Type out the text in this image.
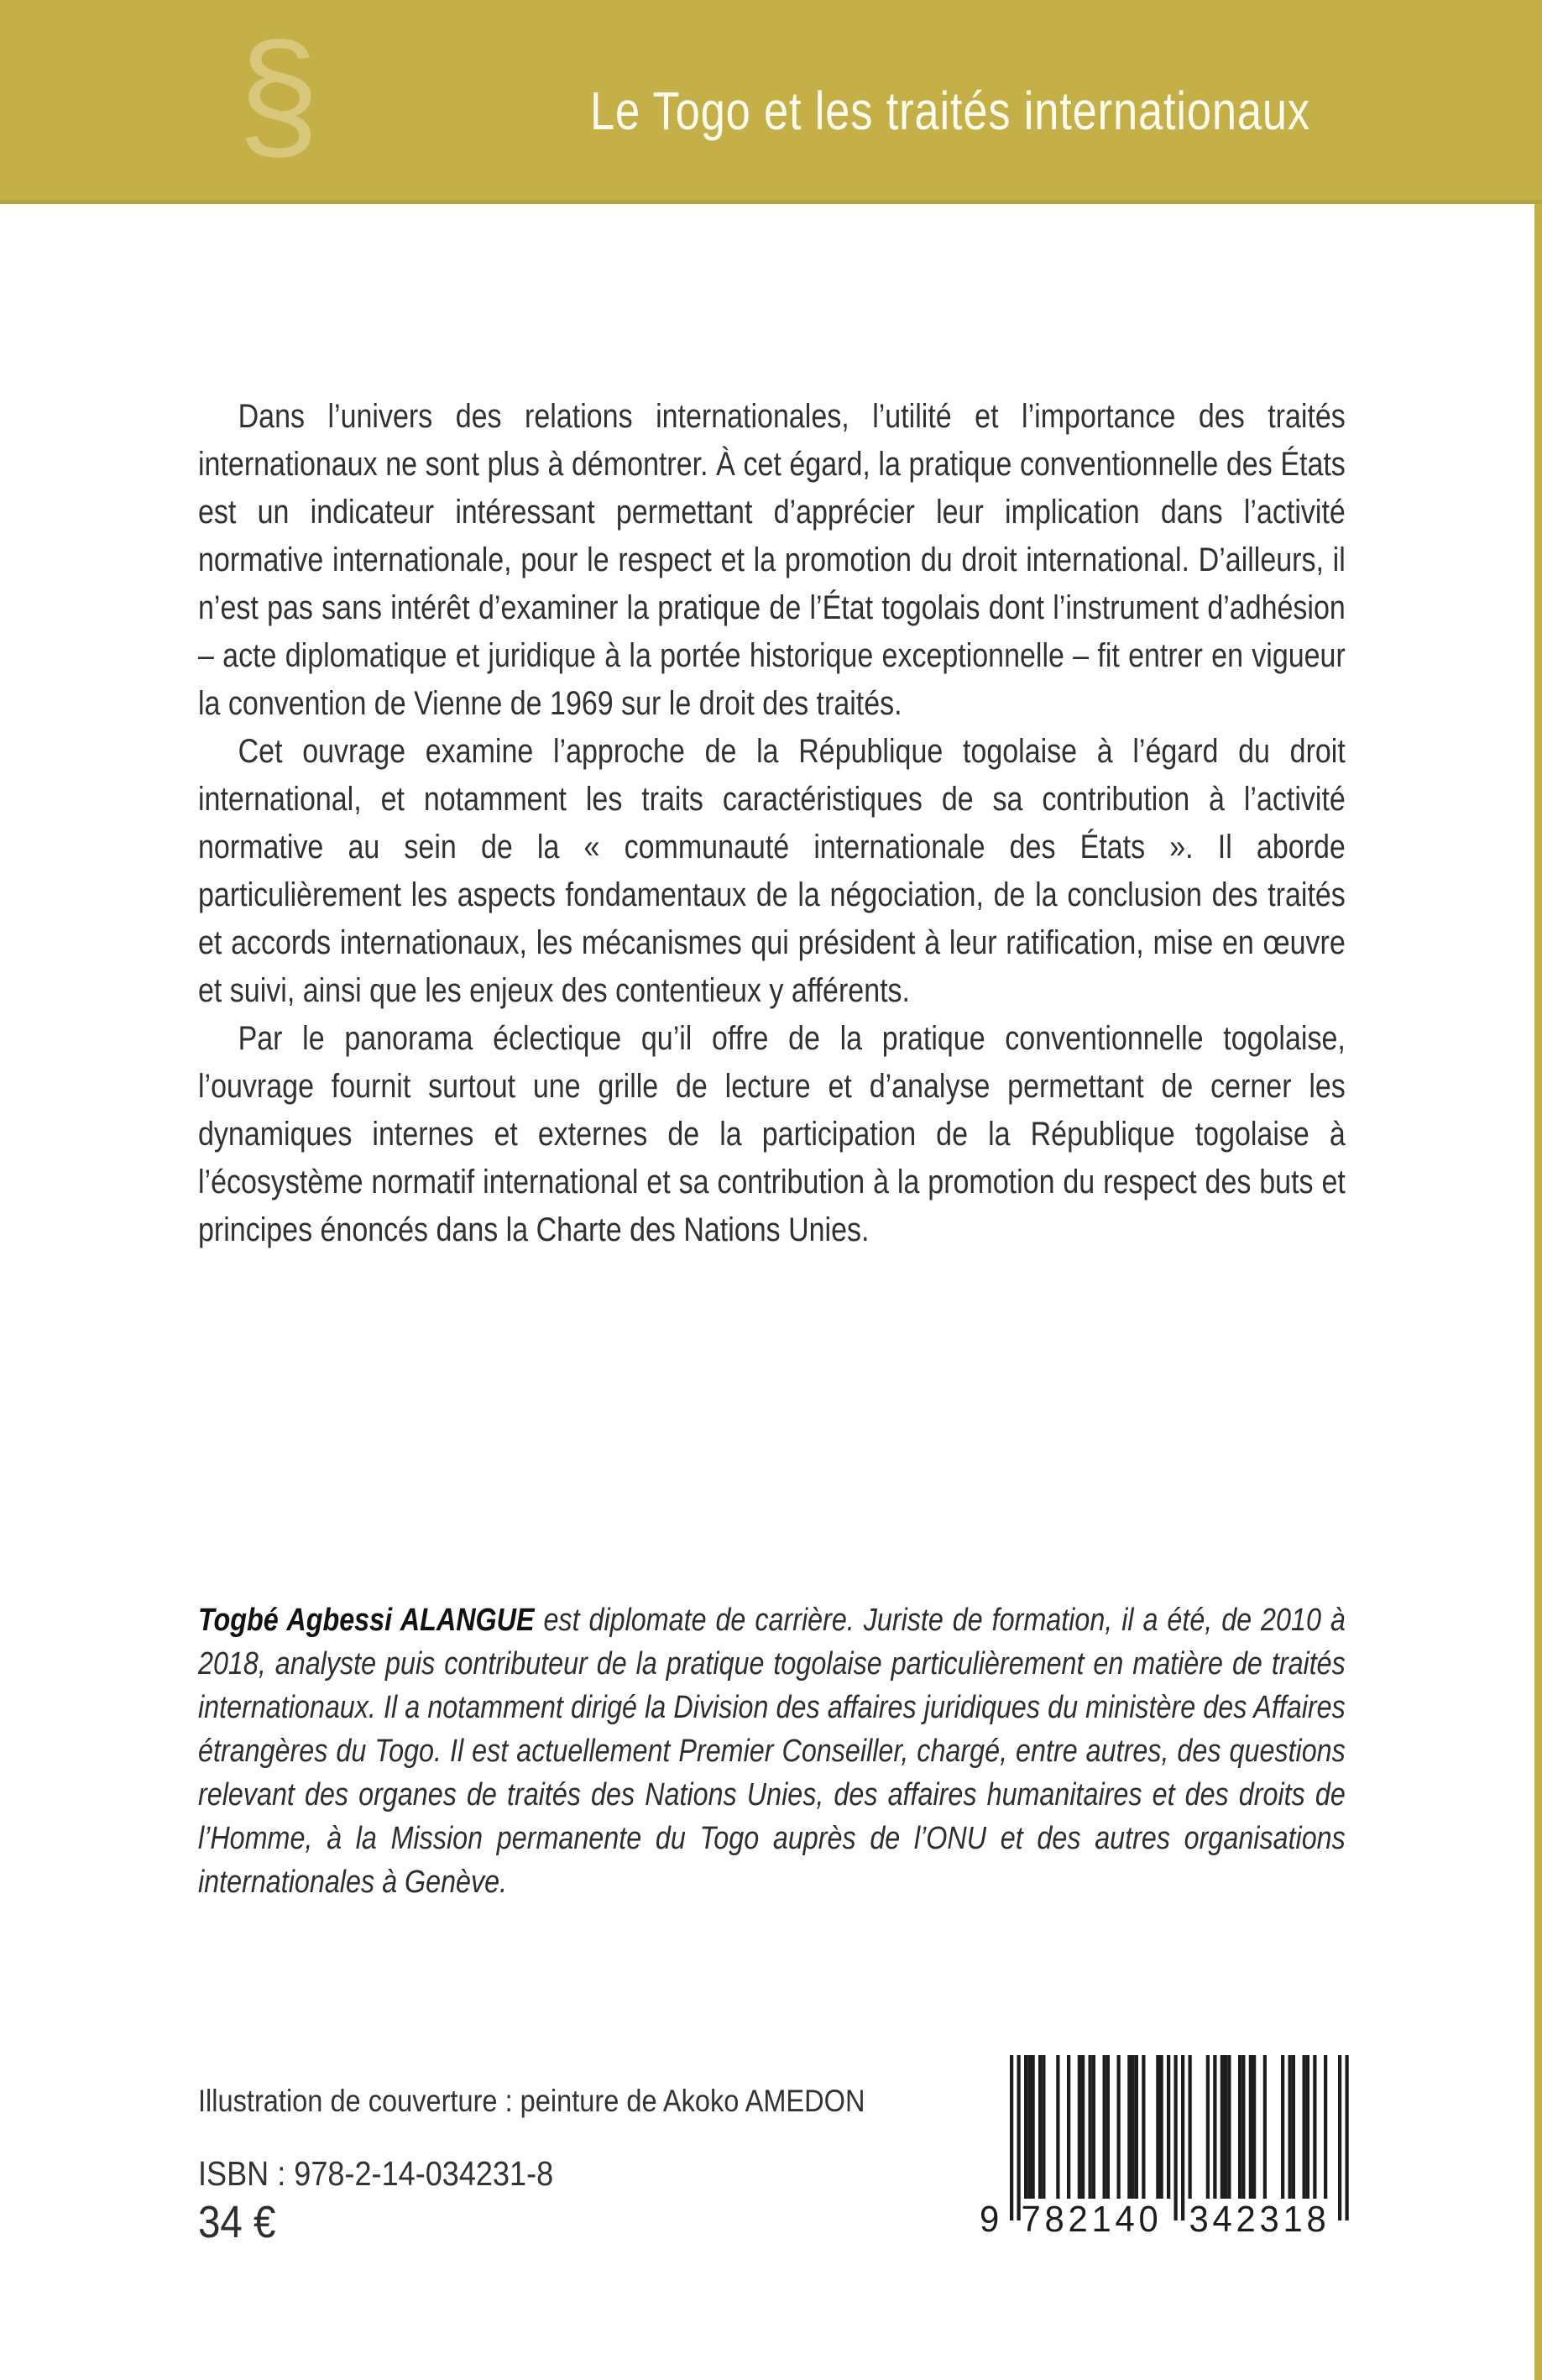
§	Le Togo et les traités internationaux

Dans l’univers des relations internationales, l’utilité et l’importance des traités internationaux ne sont plus à démontrer. À cet égard, la pratique conventionnelle des États est un indicateur intéressant permettant d’apprécier leur implication dans l’activité normative internationale, pour le respect et la promotion du droit international. D’ailleurs, il n’est pas sans intérêt d’examiner la pratique de l’État togolais dont l’instrument d’adhésion – acte diplomatique et juridique à la portée historique exceptionnelle – fit entrer en vigueur la convention de Vienne de 1969 sur le droit des traités.

Cet ouvrage examine l’approche de la République togolaise à l’égard du droit international, et notamment les traits caractéristiques de sa contribution à l’activité normative au sein de la « communauté internationale des États ». Il aborde particulièrement les aspects fondamentaux de la négociation, de la conclusion des traités et accords internationaux, les mécanismes qui président à leur ratification, mise en œuvre et suivi, ainsi que les enjeux des contentieux y afférents.

Par le panorama éclectique qu’il offre de la pratique conventionnelle togolaise, l’ouvrage fournit surtout une grille de lecture et d’analyse permettant de cerner les dynamiques internes et externes de la participation de la République togolaise à l’écosystème normatif international et sa contribution à la promotion du respect des buts et principes énoncés dans la Charte des Nations Unies.

Togbé Agbessi ALANGUE est diplomate de carrière. Juriste de formation, il a été, de 2010 à 2018, analyste puis contributeur de la pratique togolaise particulièrement en matière de traités internationaux. Il a notamment dirigé la Division des affaires juridiques du ministère des Affaires étrangères du Togo. Il est actuellement Premier Conseiller, chargé, entre autres, des questions relevant des organes de traités des Nations Unies, des affaires humanitaires et des droits de l’Homme, à la Mission permanente du Togo auprès de l’ONU et des autres organisations internationales à Genève.

Illustration de couverture : peinture de Akoko AMEDON
ISBN : 978-2-14-034231-8
34 €	9 782140 342318
